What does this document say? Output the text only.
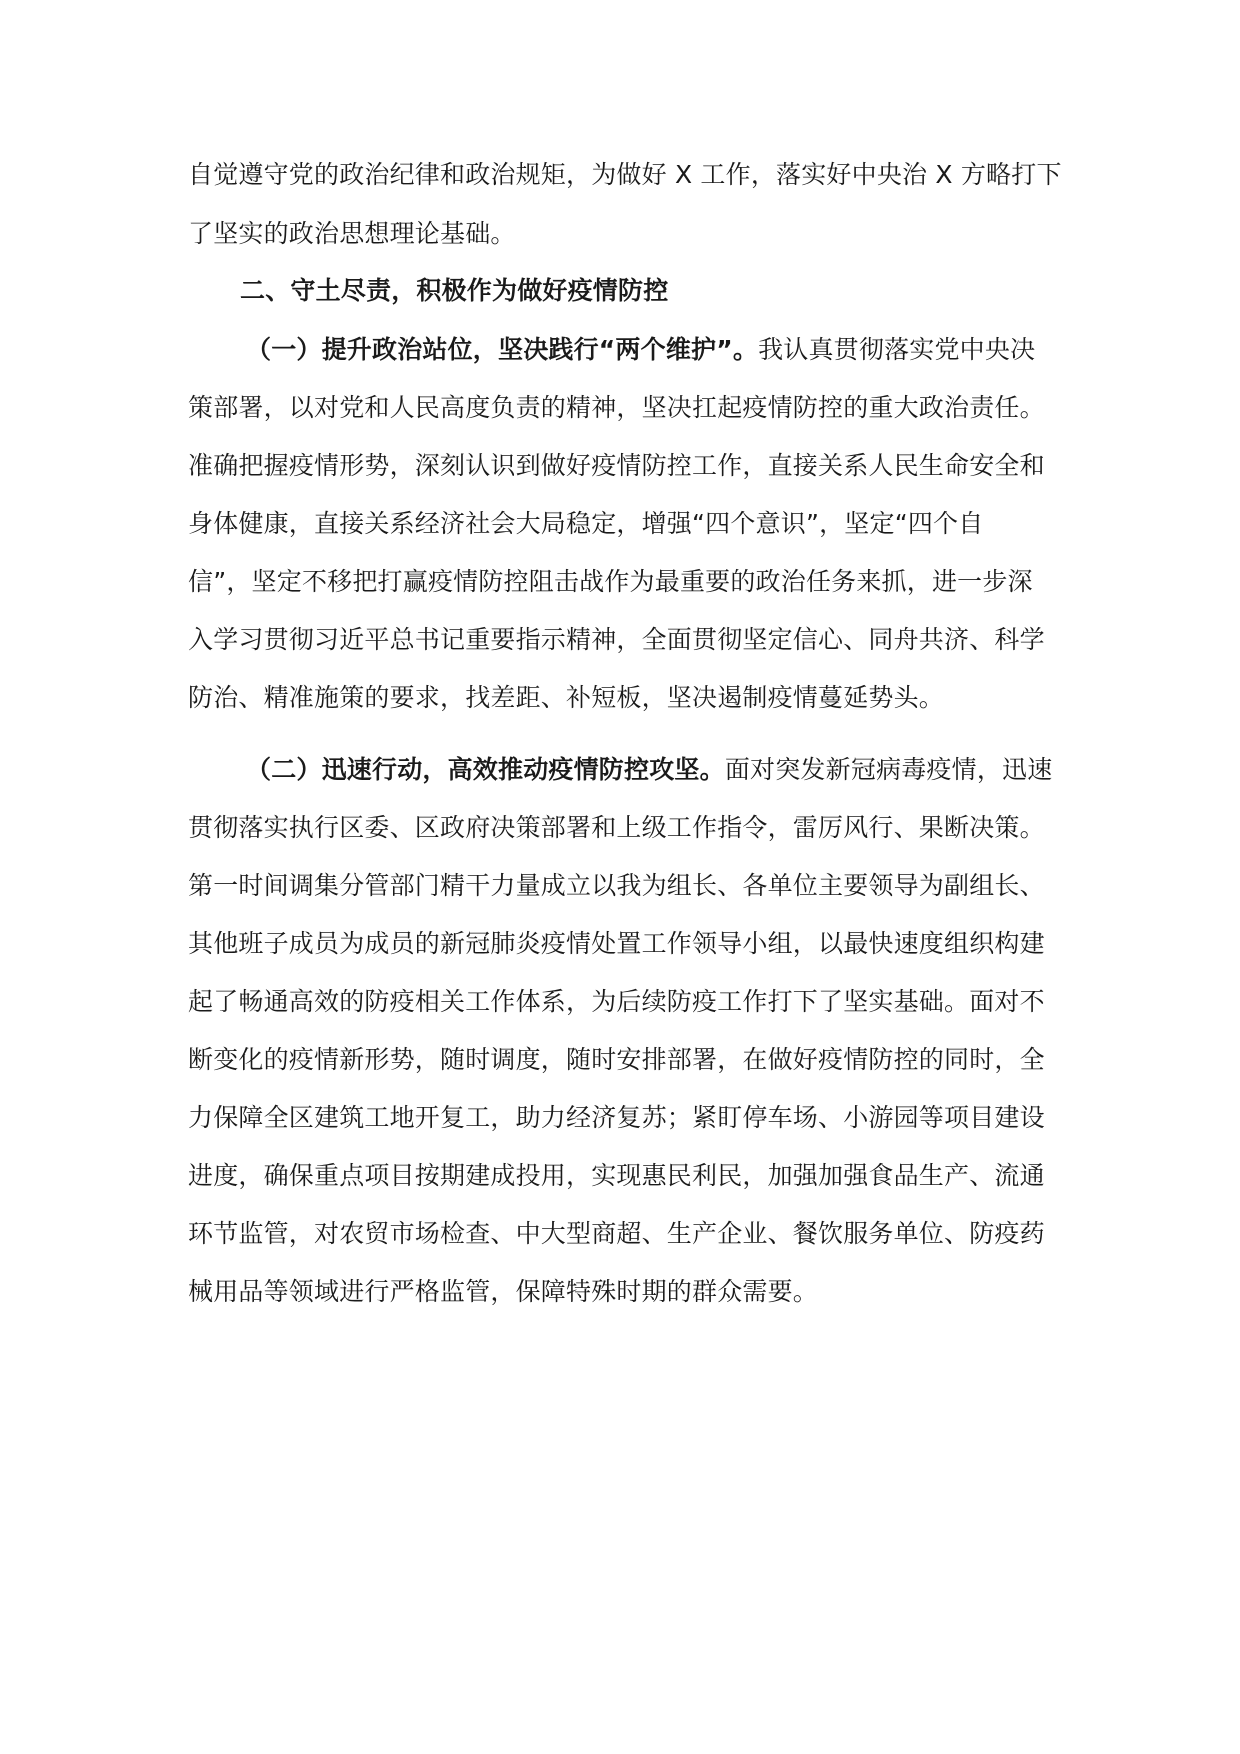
自觉遵守党的政治纪律和政治规矩，为做好 X 工作，落实好中央治 X 方略打下
了坚实的政治思想理论基础。
二、守土尽责，积极作为做好疫情防控
（一）提升政治站位，坚决践行“两个维护”。我认真贯彻落实党中央决
策部署，以对党和人民高度负责的精神，坚决扛起疫情防控的重大政治责任。
准确把握疫情形势，深刻认识到做好疫情防控工作，直接关系人民生命安全和
身体健康，直接关系经济社会大局稳定，增强“四个意识”，坚定“四个自
信”，坚定不移把打赢疫情防控阻击战作为最重要的政治任务来抓，进一步深
入学习贯彻习近平总书记重要指示精神，全面贯彻坚定信心、同舟共济、科学
防治、精准施策的要求，找差距、补短板，坚决遏制疫情蔓延势头。
（二）迅速行动，高效推动疫情防控攻坚。面对突发新冠病毒疫情，迅速
贯彻落实执行区委、区政府决策部署和上级工作指令，雷厉风行、果断决策。
第一时间调集分管部门精干力量成立以我为组长、各单位主要领导为副组长、
其他班子成员为成员的新冠肺炎疫情处置工作领导小组，以最快速度组织构建
起了畅通高效的防疫相关工作体系，为后续防疫工作打下了坚实基础。面对不
断变化的疫情新形势，随时调度，随时安排部署，在做好疫情防控的同时，全
力保障全区建筑工地开复工，助力经济复苏；紧盯停车场、小游园等项目建设
进度，确保重点项目按期建成投用，实现惠民利民，加强加强食品生产、流通
环节监管，对农贸市场检查、中大型商超、生产企业、餐饮服务单位、防疫药
械用品等领域进行严格监管，保障特殊时期的群众需要。
